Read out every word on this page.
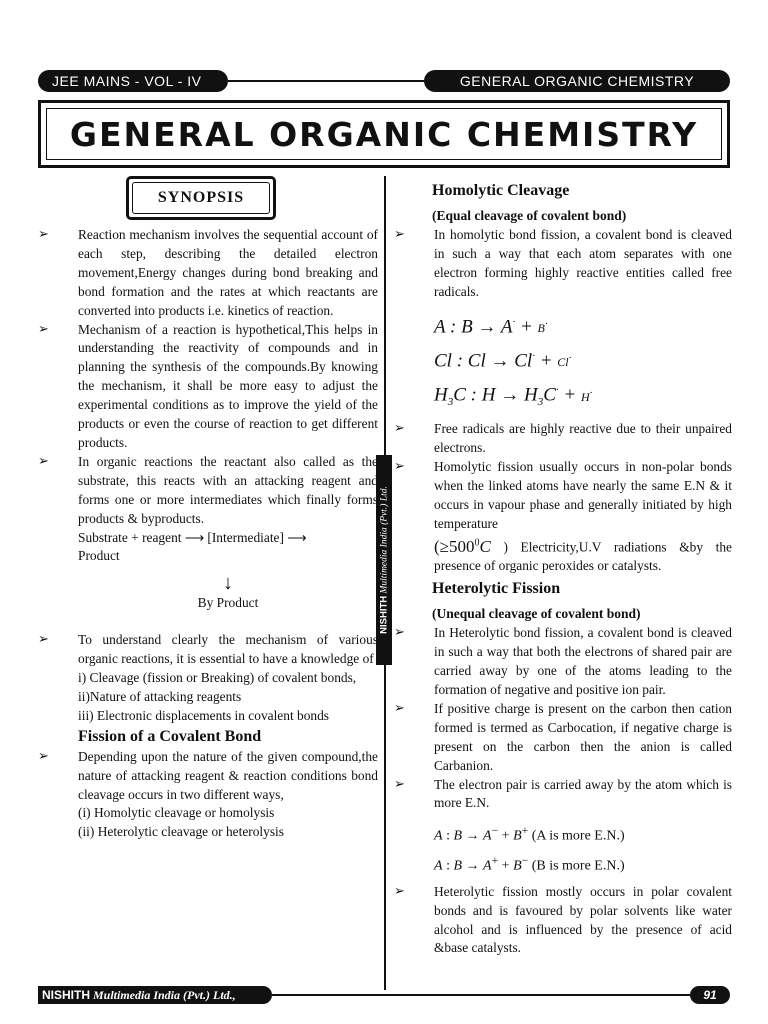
JEE MAINS - VOL - IV	GENERAL ORGANIC CHEMISTRY
GENERAL ORGANIC CHEMISTRY
SYNOPSIS
NISHITH Multimedia India (Pvt.) Ltd.
➢ Reaction mechanism involves the sequential account of each step, describing the detailed electron movement,Energy changes during bond breaking and bond formation and the rates at which reactants are converted into products i.e. kinetics of reaction.
➢ Mechanism of a reaction is hypothetical,This helps in understanding the reactivity of compounds and in planning the synthesis of the compounds.By knowing the mechanism, it shall be more easy to adjust the experimental conditions as to improve the yield of the products or even the course of reaction to get different products.
➢ In organic reactions the reactant also called as the substrate, this reacts with an attacking reagent and forms one or more intermediates which finally forms products & byproducts.
Substrate + reagent ⟶ [Intermediate] ⟶
Product
↓
By Product
➢ To understand clearly the mechanism of various organic reactions, it is essential to have a knowledge of
i) Cleavage (fission or Breaking) of covalent bonds,
ii)Nature of attacking reagents
iii) Electronic displacements in covalent bonds
Fission of a Covalent Bond
➢ Depending upon the nature of the given compound,the nature of attacking reagent & reaction conditions bond cleavage occurs in two different ways,
(i) Homolytic cleavage or homolysis
(ii) Heterolytic cleavage or heterolysis
Homolytic Cleavage
(Equal cleavage of covalent bond)
➢ In homolytic bond fission, a covalent bond is cleaved in such a way that each atom separates with one electron forming highly reactive entities called free radicals.
A : B → A· + B·
Cl : Cl → Cl· + Cl·
$H_3C$ : $H \to H_3C^\cdot + H^\cdot$
➢ Free radicals are highly reactive due to their unpaired electrons.
➢ Homolytic fission usually occurs in non-polar bonds when the linked atoms have nearly the same E.N & it occurs in vapour phase and generally initiated by high temperature
($\ge 500^0C$ ) Electricity,U.V radiations &by the presence of organic peroxides or catalysts.
Heterolytic Fission
(Unequal cleavage of covalent bond)
➢ In Heterolytic bond fission, a covalent bond is cleaved in such a way that both the electrons of shared pair are carried away by one of the atoms leading to the formation of negative and positive ion pair.
➢ If positive charge is present on the carbon then cation formed is termed as Carbocation, if negative charge is present on the carbon then the anion is called Carbanion.
➢ The electron pair is carried away by the atom which is more E.N.
A : B → A− + B+ (A is more E.N.)
A : B → A+ + B− (B is more E.N.)
➢ Heterolytic fission mostly occurs in polar covalent bonds and is favoured by polar solvents like water alcohol and is influenced by the presence of acid &base catalysts.
NISHITH Multimedia India (Pvt.) Ltd.,	91
